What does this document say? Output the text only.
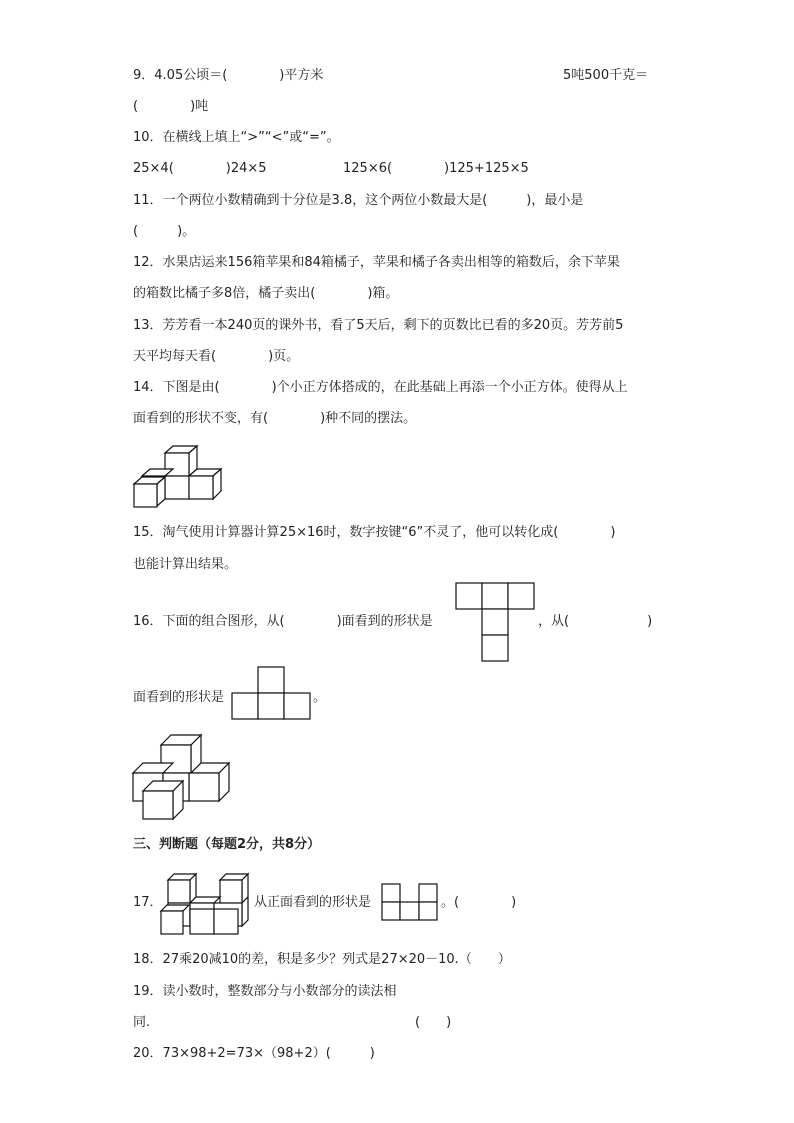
9．4.05公顷＝(　　　　)平方米	5吨500千克＝
(　　　　)吨
10．在横线上填上“>”“<”或“=”。
25×4(　　　　)24×5	125×6(　　　　)125+125×5
11．一个两位小数精确到十分位是3.8，这个两位小数最大是(　　　)，最小是
(　　　)。
12．水果店运来156箱苹果和84箱橘子，苹果和橘子各卖出相等的箱数后，余下苹果
的箱数比橘子多8倍，橘子卖出(　　　　)箱。
13．芳芳看一本240页的课外书，看了5天后，剩下的页数比已看的多20页。芳芳前5
天平均每天看(　　　　)页。
14．下图是由(　　　　)个小正方体搭成的，在此基础上再添一个小正方体。使得从上
面看到的形状不变，有(　　　　)种不同的摆法。
15．淘气使用计算器计算25×16时，数字按键“6”不灵了，他可以转化成(　　　　)
也能计算出结果。
16．下面的组合图形，从(　　　　)面看到的形状是	，从(　　　　　　)
面看到的形状是	。
三、判断题（每题2分，共8分）
17．	从正面看到的形状是	。(　　　　)
18．27乘20减10的差，积是多少？列式是27×20－10.（　　）
19．读小数时，整数部分与小数部分的读法相
同.	(　　)
20．73×98+2=73×（98+2）(　　　)
